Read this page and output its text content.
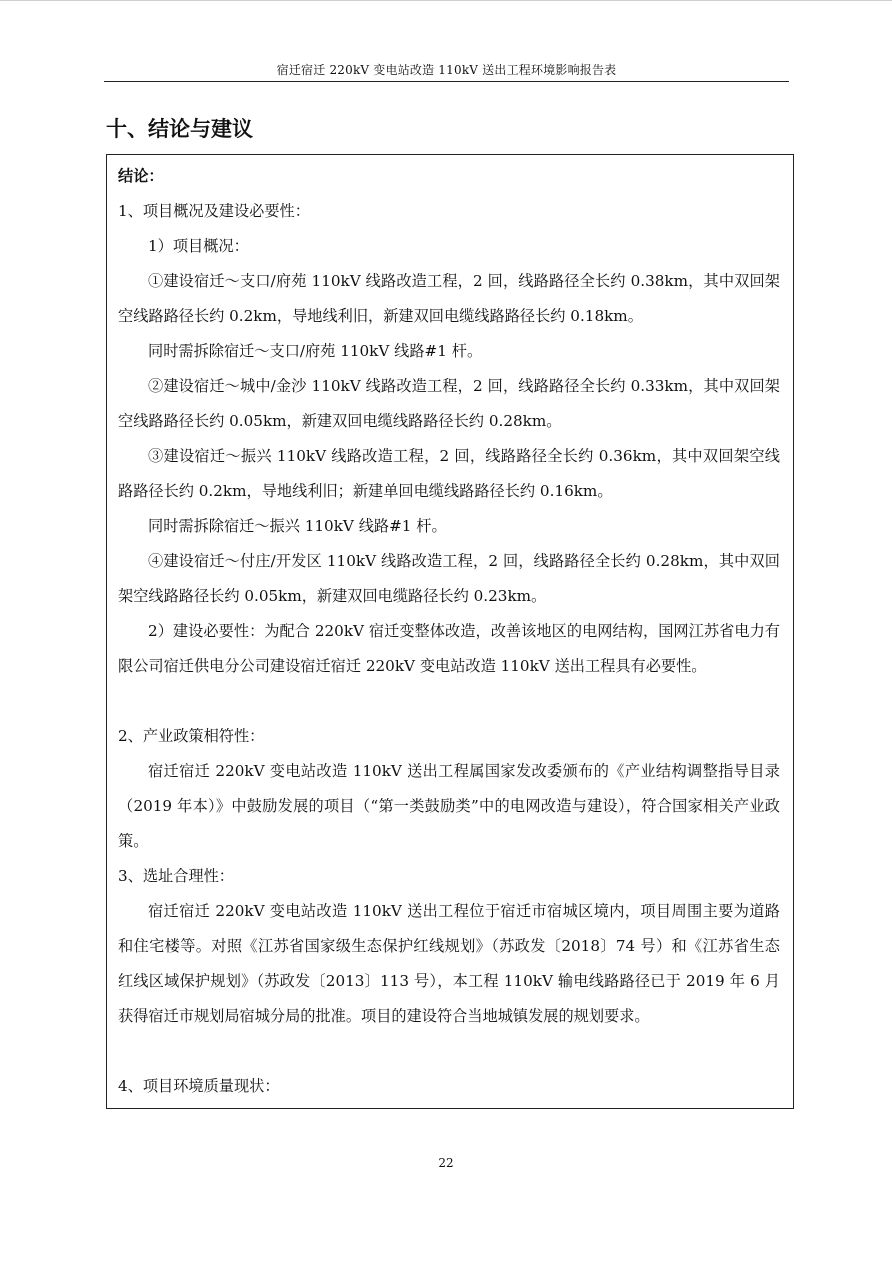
宿迁宿迁 220kV 变电站改造 110kV 送出工程环境影响报告表
十、结论与建议
结论：
1、项目概况及建设必要性：
1）项目概况：
①建设宿迁～支口/府苑 110kV 线路改造工程，2 回，线路路径全长约 0.38km，其中双回架空线路路径长约 0.2km，导地线利旧，新建双回电缆线路路径长约 0.18km。
同时需拆除宿迁～支口/府苑 110kV 线路#1 杆。
②建设宿迁～城中/金沙 110kV 线路改造工程，2 回，线路路径全长约 0.33km，其中双回架空线路路径长约 0.05km，新建双回电缆线路路径长约 0.28km。
③建设宿迁～振兴 110kV 线路改造工程，2 回，线路路径全长约 0.36km，其中双回架空线路路径长约 0.2km，导地线利旧；新建单回电缆线路路径长约 0.16km。
同时需拆除宿迁～振兴 110kV 线路#1 杆。
④建设宿迁～付庄/开发区 110kV 线路改造工程，2 回，线路路径全长约 0.28km，其中双回架空线路路径长约 0.05km，新建双回电缆路径长约 0.23km。
2）建设必要性：为配合 220kV 宿迁变整体改造，改善该地区的电网结构，国网江苏省电力有限公司宿迁供电分公司建设宿迁宿迁 220kV 变电站改造 110kV 送出工程具有必要性。
2、产业政策相符性：
宿迁宿迁 220kV 变电站改造 110kV 送出工程属国家发改委颁布的《产业结构调整指导目录（2019 年本）》中鼓励发展的项目（“第一类鼓励类”中的电网改造与建设），符合国家相关产业政策。
3、选址合理性：
宿迁宿迁 220kV 变电站改造 110kV 送出工程位于宿迁市宿城区境内，项目周围主要为道路和住宅楼等。对照《江苏省国家级生态保护红线规划》（苏政发〔2018〕74 号）和《江苏省生态红线区域保护规划》（苏政发〔2013〕113 号），本工程 110kV 输电线路路径已于 2019 年 6 月获得宿迁市规划局宿城分局的批准。项目的建设符合当地城镇发展的规划要求。
4、项目环境质量现状：
22
